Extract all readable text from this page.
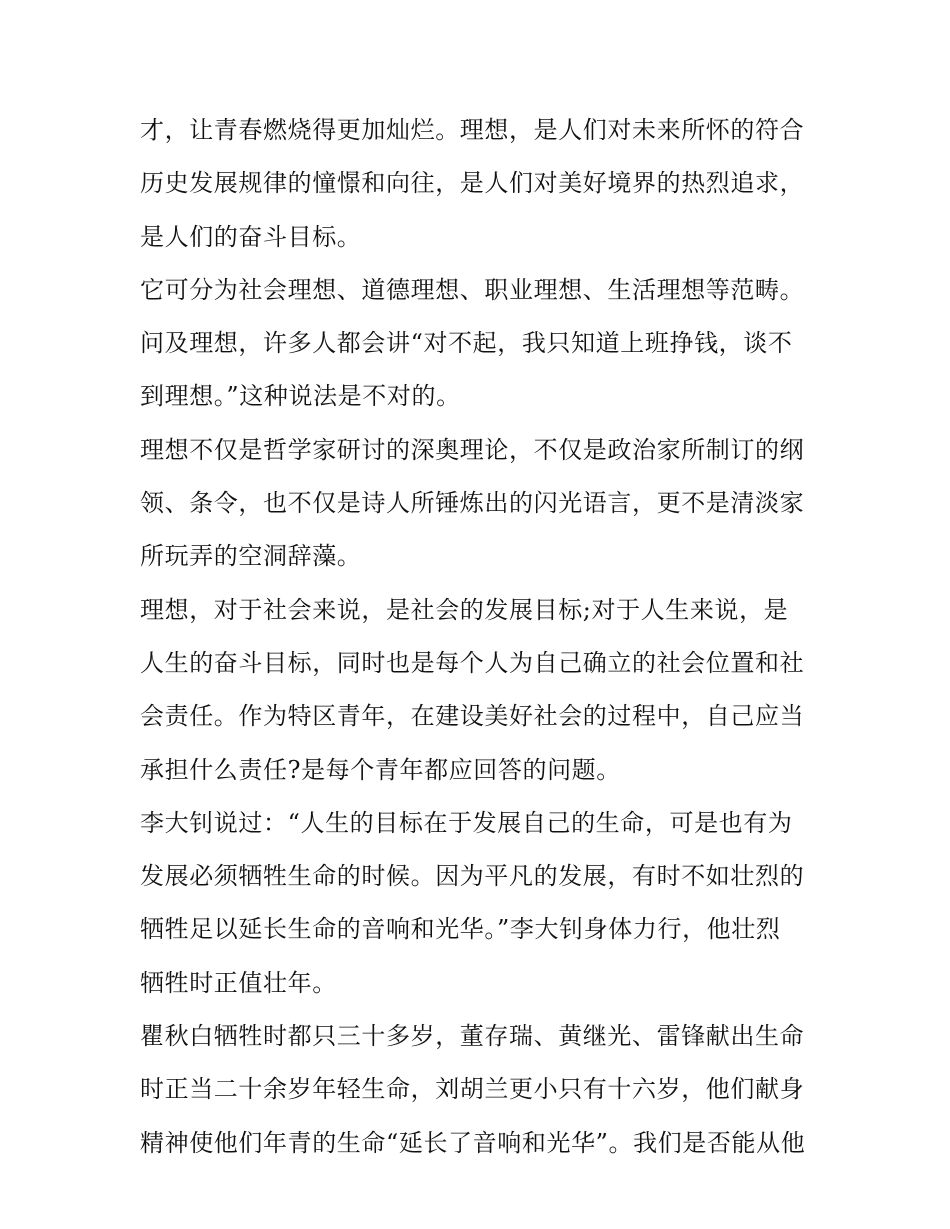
才，让青春燃烧得更加灿烂。理想，是人们对未来所怀的符合
历史发展规律的憧憬和向往，是人们对美好境界的热烈追求，
是人们的奋斗目标。
它可分为社会理想、道德理想、职业理想、生活理想等范畴。
问及理想，许多人都会讲“对不起，我只知道上班挣钱，谈不
到理想。”这种说法是不对的。
理想不仅是哲学家研讨的深奥理论，不仅是政治家所制订的纲
领、条令，也不仅是诗人所锤炼出的闪光语言，更不是清淡家
所玩弄的空洞辞藻。
理想，对于社会来说，是社会的发展目标;对于人生来说，是
人生的奋斗目标，同时也是每个人为自己确立的社会位置和社
会责任。作为特区青年，在建设美好社会的过程中，自己应当
承担什么责任?是每个青年都应回答的问题。
李大钊说过：“人生的目标在于发展自己的生命，可是也有为
发展必须牺牲生命的时候。因为平凡的发展，有时不如壮烈的
牺牲足以延长生命的音响和光华。”李大钊身体力行，他壮烈
牺牲时正值壮年。
瞿秋白牺牲时都只三十多岁，董存瑞、黄继光、雷锋献出生命
时正当二十余岁年轻生命，刘胡兰更小只有十六岁，他们献身
精神使他们年青的生命“延长了音响和光华”。我们是否能从他
